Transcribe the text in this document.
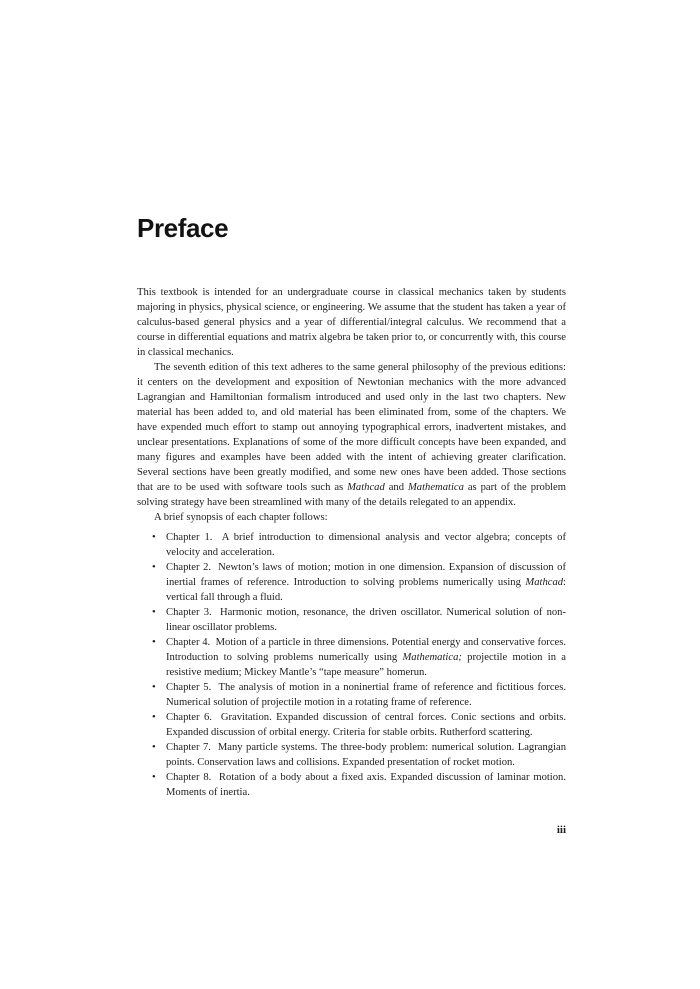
Preface

This textbook is intended for an undergraduate course in classical mechanics taken by students majoring in physics, physical science, or engineering. We assume that the student has taken a year of calculus-based general physics and a year of differential/integral calculus. We recommend that a course in differential equations and matrix algebra be taken prior to, or concurrently with, this course in classical mechanics.

The seventh edition of this text adheres to the same general philosophy of the previous editions: it centers on the development and exposition of Newtonian mechanics with the more advanced Lagrangian and Hamiltonian formalism introduced and used only in the last two chapters. New material has been added to, and old material has been eliminated from, some of the chapters. We have expended much effort to stamp out annoying typographical errors, inadvertent mistakes, and unclear presentations. Explanations of some of the more difficult concepts have been expanded, and many figures and examples have been added with the intent of achieving greater clarification. Several sections have been greatly modified, and some new ones have been added. Those sections that are to be used with software tools such as Mathcad and Mathematica as part of the problem solving strategy have been streamlined with many of the details relegated to an appendix.

A brief synopsis of each chapter follows:

• Chapter 1.  A brief introduction to dimensional analysis and vector algebra; concepts of velocity and acceleration.
• Chapter 2.  Newton’s laws of motion; motion in one dimension. Expansion of discussion of inertial frames of reference. Introduction to solving problems numerically using Mathcad: vertical fall through a fluid.
• Chapter 3.  Harmonic motion, resonance, the driven oscillator. Numerical solution of non-linear oscillator problems.
• Chapter 4.  Motion of a particle in three dimensions. Potential energy and conservative forces. Introduction to solving problems numerically using Mathematica; projectile motion in a resistive medium; Mickey Mantle’s “tape measure” homerun.
• Chapter 5.  The analysis of motion in a noninertial frame of reference and fictitious forces. Numerical solution of projectile motion in a rotating frame of reference.
• Chapter 6.  Gravitation. Expanded discussion of central forces. Conic sections and orbits. Expanded discussion of orbital energy. Criteria for stable orbits. Rutherford scattering.
• Chapter 7.  Many particle systems. The three-body problem: numerical solution. Lagrangian points. Conservation laws and collisions. Expanded presentation of rocket motion.
• Chapter 8.  Rotation of a body about a fixed axis. Expanded discussion of laminar motion. Moments of inertia.
iii
